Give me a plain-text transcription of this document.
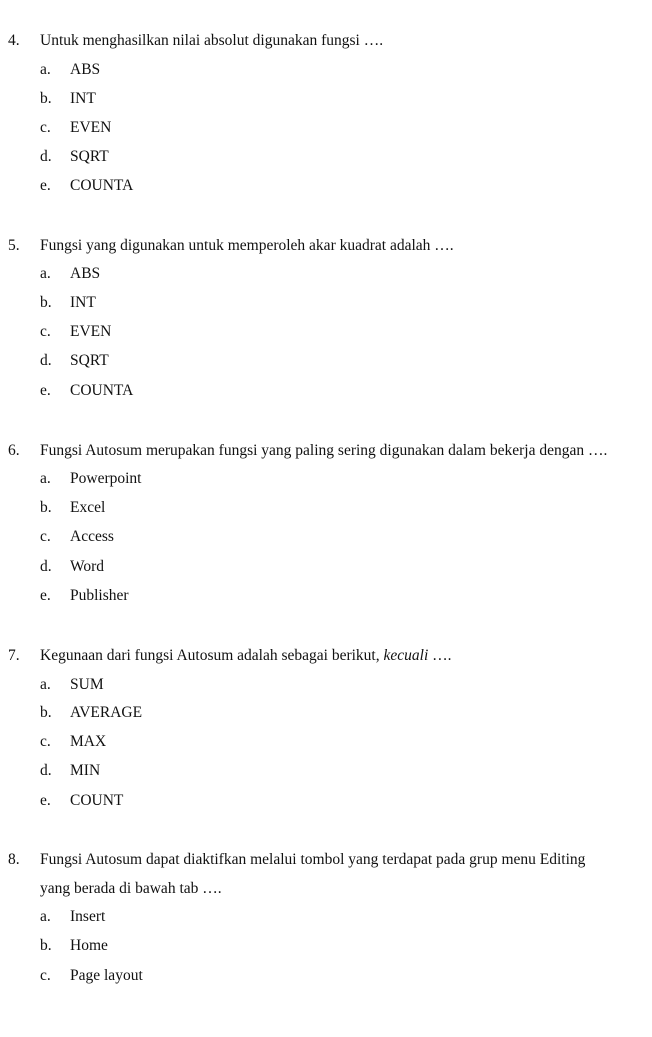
4. Untuk menghasilkan nilai absolut digunakan fungsi ….
a. ABS
b. INT
c. EVEN
d. SQRT
e. COUNTA
5. Fungsi yang digunakan untuk memperoleh akar kuadrat adalah ….
a. ABS
b. INT
c. EVEN
d. SQRT
e. COUNTA
6. Fungsi Autosum merupakan fungsi yang paling sering digunakan dalam bekerja dengan ….
a. Powerpoint
b. Excel
c. Access
d. Word
e. Publisher
7. Kegunaan dari fungsi Autosum adalah sebagai berikut, kecuali ….
a. SUM
b. AVERAGE
c. MAX
d. MIN
e. COUNT
8. Fungsi Autosum dapat diaktifkan melalui tombol yang terdapat pada grup menu Editing
yang berada di bawah tab ….
a. Insert
b. Home
c. Page layout
